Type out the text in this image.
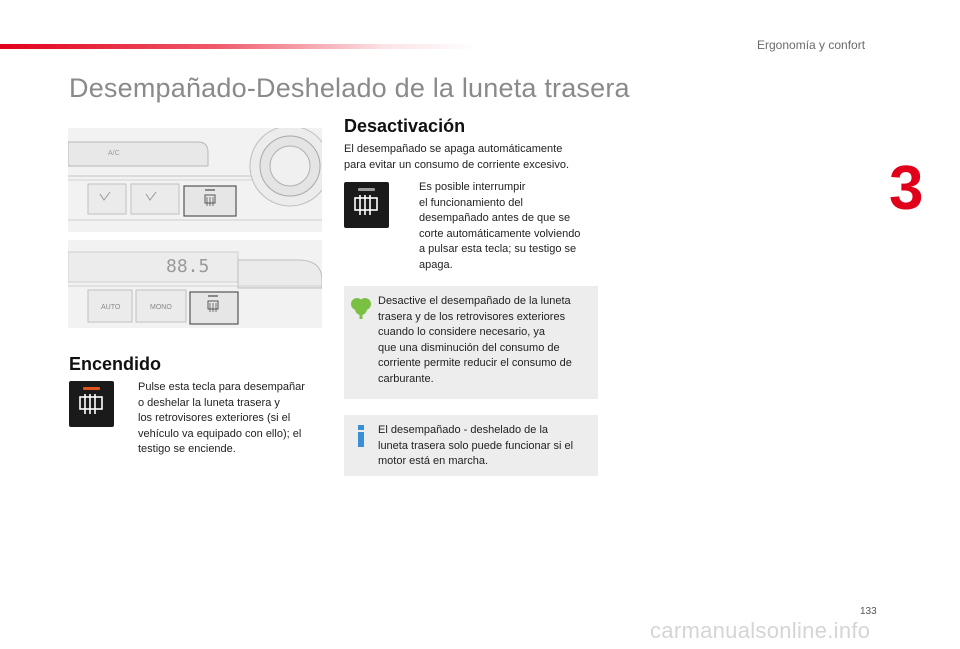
Ergonomía y confort
3
Desempañado-Deshelado de la luneta trasera
A/C
88.5
AUTO	MONO
Encendido
Pulse esta tecla para desempañar
o deshelar la luneta trasera y
los retrovisores exteriores (si el
vehículo va equipado con ello); el
testigo se enciende.
Desactivación
El desempañado se apaga automáticamente
para evitar un consumo de corriente excesivo.
Es posible interrumpir
el funcionamiento del
desempañado antes de que se
corte automáticamente volviendo
a pulsar esta tecla; su testigo se
apaga.
Desactive el desempañado de la luneta
trasera y de los retrovisores exteriores
cuando lo considere necesario, ya
que una disminución del consumo de
corriente permite reducir el consumo de
carburante.
El desempañado - deshelado de la
luneta trasera solo puede funcionar si el
motor está en marcha.
133
carmanualsonline.info
